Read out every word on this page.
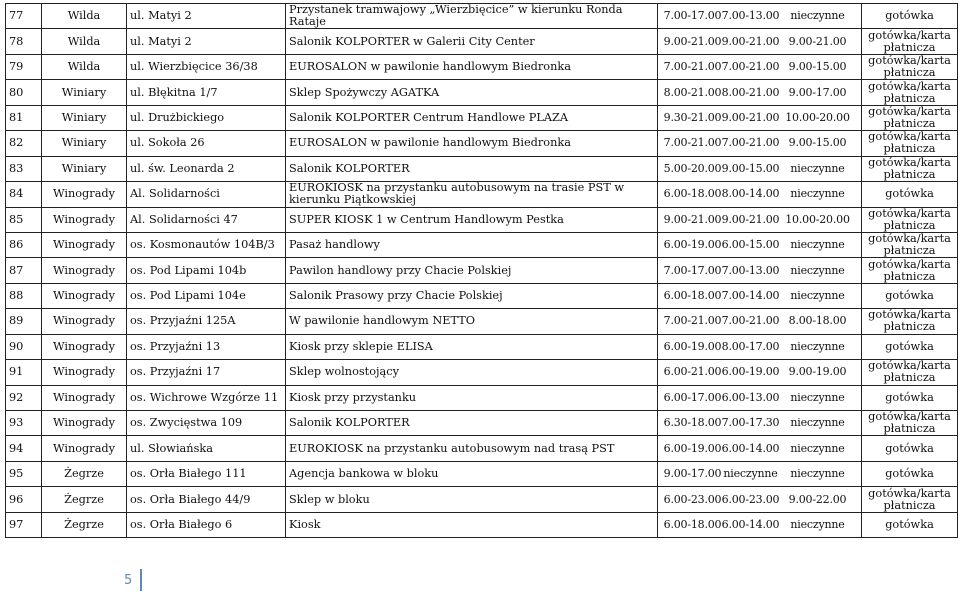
77	Wilda	ul. Matyi 2	Przystanek tramwajowy „Wierzbięcice” w kierunku Ronda Rataje	7.00-17.007.00-13.00 nieczynne	gotówka
78	Wilda	ul. Matyi 2	Salonik KOLPORTER w Galerii City Center	9.00-21.009.00-21.00 9.00-21.00	gotówka/karta
płatnicza
79	Wilda	ul. Wierzbięcice 36/38	EUROSALON w pawilonie handlowym Biedronka	7.00-21.007.00-21.00 9.00-15.00	gotówka/karta
płatnicza
80	Winiary	ul. Błękitna 1/7	Sklep Spożywczy AGATKA	8.00-21.008.00-21.00 9.00-17.00	gotówka/karta
płatnicza
81	Winiary	ul. Drużbickiego	Salonik KOLPORTER Centrum Handlowe PLAZA	9.30-21.009.00-21.00 10.00-20.00	gotówka/karta
płatnicza
82	Winiary	ul. Sokoła 26	EUROSALON w pawilonie handlowym Biedronka	7.00-21.007.00-21.00 9.00-15.00	gotówka/karta
płatnicza
83	Winiary	ul. św. Leonarda 2	Salonik KOLPORTER	5.00-20.009.00-15.00 nieczynne	gotówka/karta
płatnicza
84	Winogrady	Al. Solidarności	EUROKIOSK na przystanku autobusowym na trasie PST w kierunku Piątkowskiej	6.00-18.008.00-14.00 nieczynne	gotówka
85	Winogrady	Al. Solidarności 47	SUPER KIOSK 1 w Centrum Handlowym Pestka	9.00-21.009.00-21.00 10.00-20.00	gotówka/karta
płatnicza
86	Winogrady	os. Kosmonautów 104B/3	Pasaż handlowy	6.00-19.006.00-15.00 nieczynne	gotówka/karta
płatnicza
87	Winogrady	os. Pod Lipami 104b	Pawilon handlowy przy Chacie Polskiej	7.00-17.007.00-13.00 nieczynne	gotówka/karta
płatnicza
88	Winogrady	os. Pod Lipami 104e	Salonik Prasowy przy Chacie Polskiej	6.00-18.007.00-14.00 nieczynne	gotówka
89	Winogrady	os. Przyjaźni 125A	W pawilonie handlowym NETTO	7.00-21.007.00-21.00 8.00-18.00	gotówka/karta
płatnicza
90	Winogrady	os. Przyjaźni 13	Kiosk przy sklepie ELISA	6.00-19.008.00-17.00 nieczynne	gotówka
91	Winogrady	os. Przyjaźni 17	Sklep wolnostojący	6.00-21.006.00-19.00 9.00-19.00	gotówka/karta
płatnicza
92	Winogrady	os. Wichrowe Wzgórze 11	Kiosk przy przystanku	6.00-17.006.00-13.00 nieczynne	gotówka
93	Winogrady	os. Zwycięstwa 109	Salonik KOLPORTER	6.30-18.007.00-17.30 nieczynne	gotówka/karta
płatnicza
94	Winogrady	ul. Słowiańska	EUROKIOSK na przystanku autobusowym nad trasą PST	6.00-19.006.00-14.00 nieczynne	gotówka
95	Żegrze	os. Orła Białego 111	Agencja bankowa w bloku	9.00-17.00 nieczynne nieczynne	gotówka
96	Żegrze	os. Orła Białego 44/9	Sklep w bloku	6.00-23.006.00-23.00 9.00-22.00	gotówka/karta
płatnicza
97	Żegrze	os. Orła Białego 6	Kiosk	6.00-18.006.00-14.00 nieczynne	gotówka
5
